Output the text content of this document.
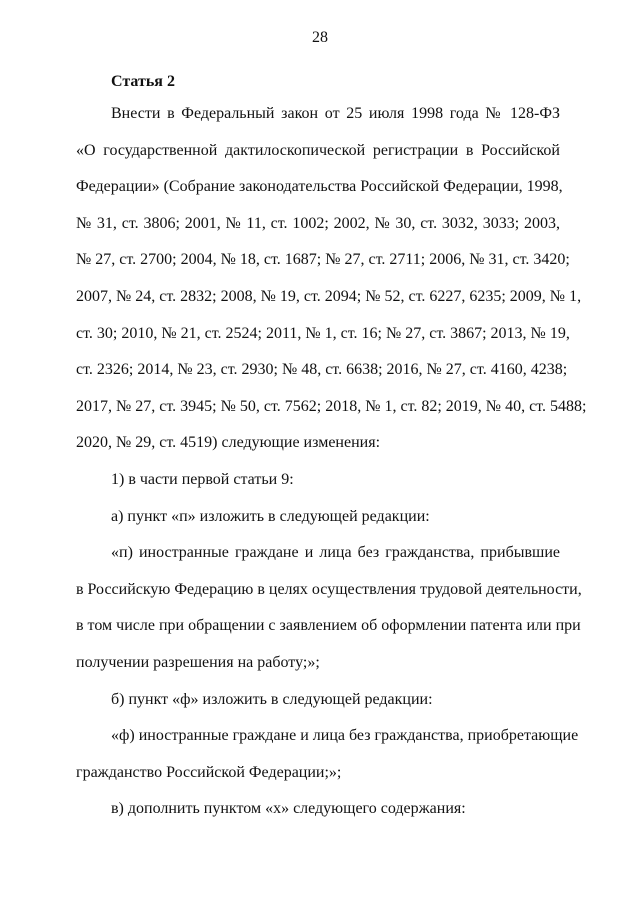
28
Статья 2
Внести в Федеральный закон от 25 июля 1998 года № 128-ФЗ
«О государственной дактилоскопической регистрации в Российской
Федерации» (Собрание законодательства Российской Федерации, 1998,
№ 31, ст. 3806; 2001, № 11, ст. 1002; 2002, № 30, ст. 3032, 3033; 2003,
№ 27, ст. 2700; 2004, № 18, ст. 1687; № 27, ст. 2711; 2006, № 31, ст. 3420;
2007, № 24, ст. 2832; 2008, № 19, ст. 2094; № 52, ст. 6227, 6235; 2009, № 1,
ст. 30; 2010, № 21, ст. 2524; 2011, № 1, ст. 16; № 27, ст. 3867; 2013, № 19,
ст. 2326; 2014, № 23, ст. 2930; № 48, ст. 6638; 2016, № 27, ст. 4160, 4238;
2017, № 27, ст. 3945; № 50, ст. 7562; 2018, № 1, ст. 82; 2019, № 40, ст. 5488;
2020, № 29, ст. 4519) следующие изменения:
1) в части первой статьи 9:
а) пункт «п» изложить в следующей редакции:
«п) иностранные граждане и лица без гражданства, прибывшие
в Российскую Федерацию в целях осуществления трудовой деятельности,
в том числе при обращении с заявлением об оформлении патента или при
получении разрешения на работу;»;
б) пункт «ф» изложить в следующей редакции:
«ф) иностранные граждане и лица без гражданства, приобретающие
гражданство Российской Федерации;»;
в) дополнить пунктом «х» следующего содержания:
